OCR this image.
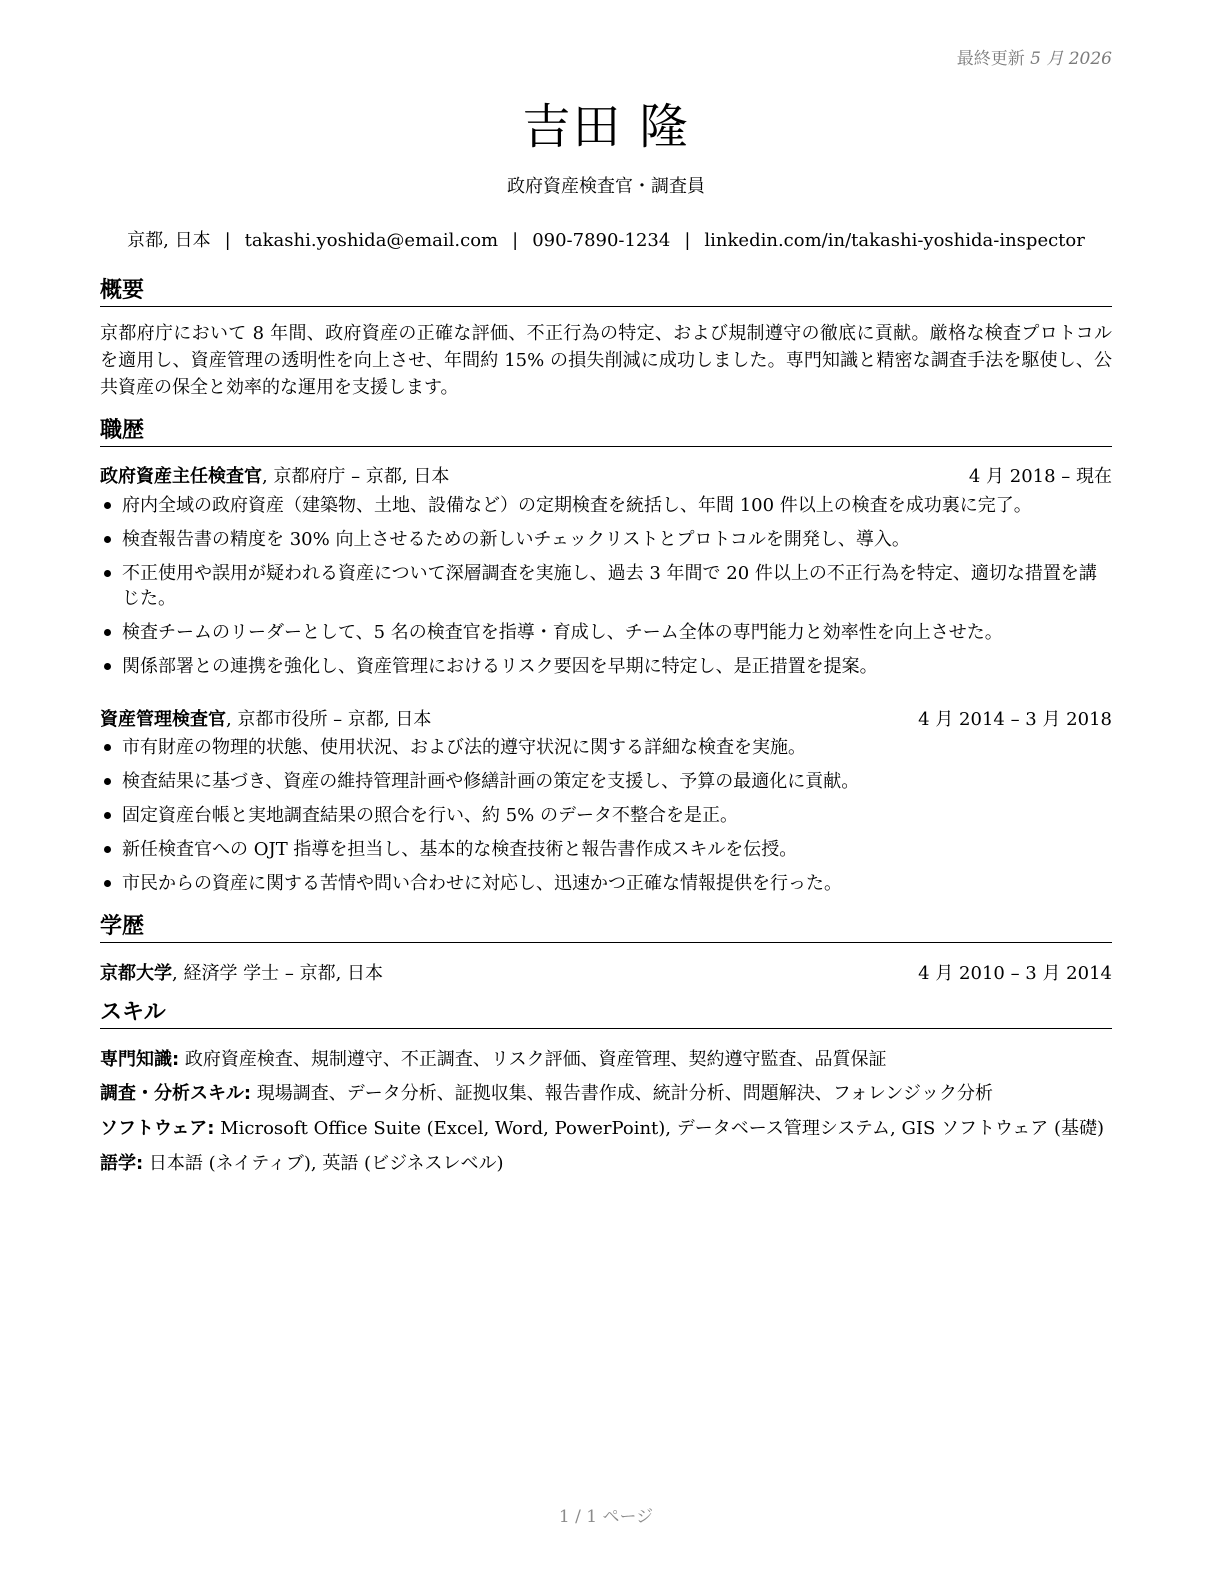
最終更新 5 月 2026
吉田 隆
政府資産検査官・調査員
京都, 日本 | takashi.yoshida@email.com | 090-7890-1234 | linkedin.com/in/takashi-yoshida-inspector
概要
京都府庁において 8 年間、政府資産の正確な評価、不正行為の特定、および規制遵守の徹底に貢献。厳格な検査プロトコルを適用し、資産管理の透明性を向上させ、年間約 15% の損失削減に成功しました。専門知識と精密な調査手法を駆使し、公共資産の保全と効率的な運用を支援します。
職歴
政府資産主任検査官, 京都府庁 – 京都, 日本	4 月 2018 – 現在
府内全域の政府資産（建築物、土地、設備など）の定期検査を統括し、年間 100 件以上の検査を成功裏に完了。
検査報告書の精度を 30% 向上させるための新しいチェックリストとプロトコルを開発し、導入。
不正使用や誤用が疑われる資産について深層調査を実施し、過去 3 年間で 20 件以上の不正行為を特定、適切な措置を講じた。
検査チームのリーダーとして、5 名の検査官を指導・育成し、チーム全体の専門能力と効率性を向上させた。
関係部署との連携を強化し、資産管理におけるリスク要因を早期に特定し、是正措置を提案。
資産管理検査官, 京都市役所 – 京都, 日本	4 月 2014 – 3 月 2018
市有財産の物理的状態、使用状況、および法的遵守状況に関する詳細な検査を実施。
検査結果に基づき、資産の維持管理計画や修繕計画の策定を支援し、予算の最適化に貢献。
固定資産台帳と実地調査結果の照合を行い、約 5% のデータ不整合を是正。
新任検査官への OJT 指導を担当し、基本的な検査技術と報告書作成スキルを伝授。
市民からの資産に関する苦情や問い合わせに対応し、迅速かつ正確な情報提供を行った。
学歴
京都大学, 経済学 学士 – 京都, 日本	4 月 2010 – 3 月 2014
スキル
専門知識: 政府資産検査、規制遵守、不正調査、リスク評価、資産管理、契約遵守監査、品質保証
調査・分析スキル: 現場調査、データ分析、証拠収集、報告書作成、統計分析、問題解決、フォレンジック分析
ソフトウェア: Microsoft Office Suite (Excel, Word, PowerPoint), データベース管理システム, GIS ソフトウェア (基礎)
語学: 日本語 (ネイティブ), 英語 (ビジネスレベル)
1 / 1 ページ
